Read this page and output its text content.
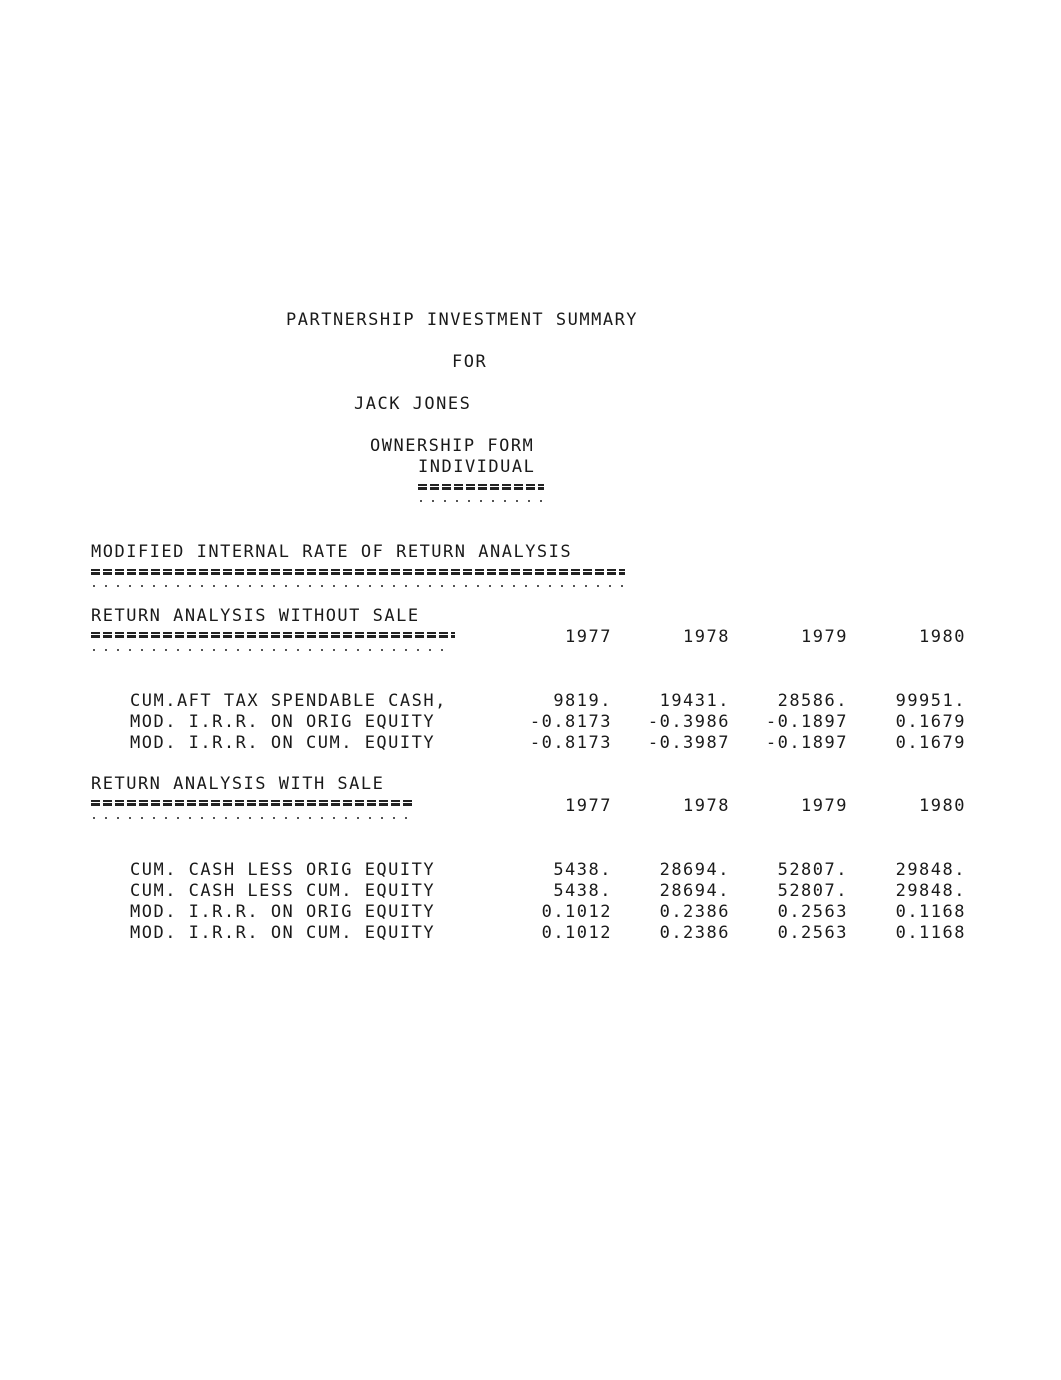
PARTNERSHIP INVESTMENT SUMMARY
FOR
JACK JONES
OWNERSHIP FORM
INDIVIDUAL
MODIFIED INTERNAL RATE OF RETURN ANALYSIS
RETURN ANALYSIS WITHOUT SALE
1977	1978	1979	1980
CUM.AFT TAX SPENDABLE CASH,	9819.	19431.	28586.	99951.
MOD. I.R.R. ON ORIG EQUITY	-0.8173	-0.3986	-0.1897	0.1679
MOD. I.R.R. ON CUM. EQUITY	-0.8173	-0.3987	-0.1897	0.1679
RETURN ANALYSIS WITH SALE
1977	1978	1979	1980
CUM. CASH LESS ORIG EQUITY	5438.	28694.	52807.	29848.
CUM. CASH LESS CUM. EQUITY	5438.	28694.	52807.	29848.
MOD. I.R.R. ON ORIG EQUITY	0.1012	0.2386	0.2563	0.1168
MOD. I.R.R. ON CUM. EQUITY	0.1012	0.2386	0.2563	0.1168
